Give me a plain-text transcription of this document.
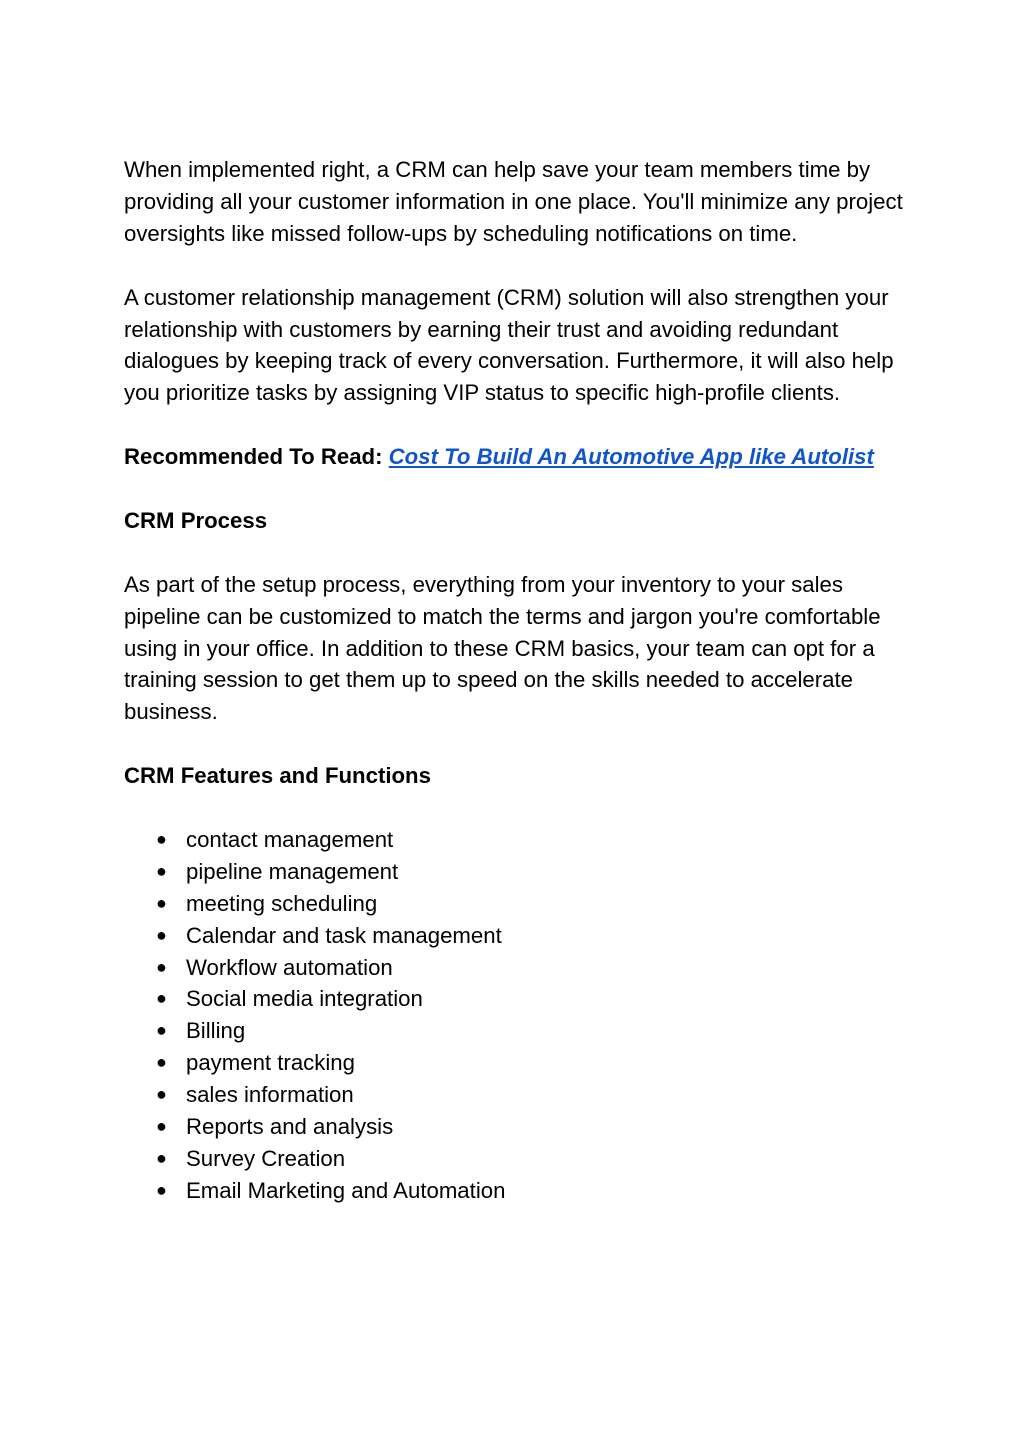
When implemented right, a CRM can help save your team members time by providing all your customer information in one place. You'll minimize any project oversights like missed follow-ups by scheduling notifications on time.

A customer relationship management (CRM) solution will also strengthen your relationship with customers by earning their trust and avoiding redundant dialogues by keeping track of every conversation. Furthermore, it will also help you prioritize tasks by assigning VIP status to specific high-profile clients.

Recommended To Read: Cost To Build An Automotive App like Autolist

CRM Process

As part of the setup process, everything from your inventory to your sales pipeline can be customized to match the terms and jargon you're comfortable using in your office. In addition to these CRM basics, your team can opt for a training session to get them up to speed on the skills needed to accelerate business.

CRM Features and Functions

● contact management
● pipeline management
● meeting scheduling
● Calendar and task management
● Workflow automation
● Social media integration
● Billing
● payment tracking
● sales information
● Reports and analysis
● Survey Creation
● Email Marketing and Automation
